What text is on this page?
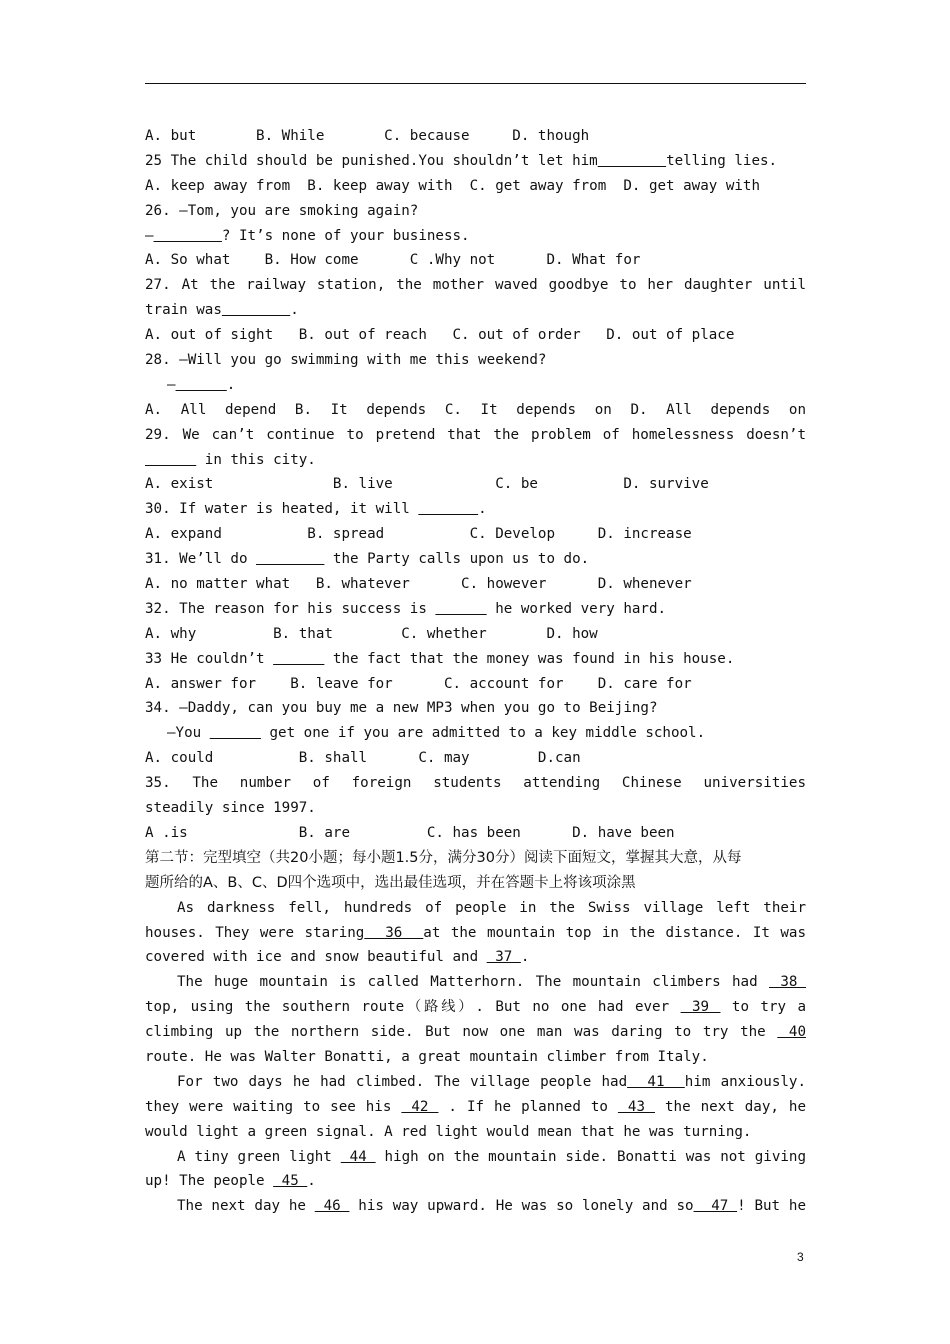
A. but       B. While       C. because     D. though
25 The child should be punished.You shouldn’t let him	telling lies.
A. keep away from  B. keep away with  C. get away from  D. get away with
26. —Tom, you are smoking again?
—	? It’s none of your business.
A. So what    B. How come      C .Why not      D. What for
27. At the railway station, the mother waved goodbye to her daughter until
train was	.
A. out of sight   B. out of reach   C. out of order   D. out of place
28. —Will you go swimming with me this weekend?
—	.
A. All depend B. It depends C. It depends on D. All depends on
29. We can’t continue to pretend that the problem of homelessness doesn’t
in this city.
A. exist              B. live            C. be          D. survive
30. If water is heated, it will	.
A. expand          B. spread          C. Develop     D. increase
31. We’ll do	the Party calls upon us to do.
A. no matter what   B. whatever      C. however      D. whenever
32. The reason for his success is	he worked very hard.
A. why         B. that        C. whether       D. how
33 He couldn’t	the fact that the money was found in his house.
A. answer for    B. leave for      C. account for    D. care for
34. —Daddy, can you buy me a new MP3 when you go to Beijing?
—You	get one if you are admitted to a key middle school.
A. could          B. shall      C. may        D.can
35. The number of foreign students attending Chinese universities
steadily since 1997.
A .is             B. are         C. has been      D. have been
第二节：完型填空（共20小题；每小题1.5分，满分30分）阅读下面短文，掌握其大意，从每
题所给的A、B、C、D四个选项中，选出最佳选项，并在答题卡上将该项涂黑
As darkness fell, hundreds of people in the Swiss village left their
houses. They were staring  36  at the mountain top in the distance. It was
covered with ice and snow beautiful and  37 .
The huge mountain is called Matterhorn. The mountain climbers had  38
top, using the southern route（路线）. But no one had ever  39  to try a
climbing up the northern side. But now one man was daring to try the  40
route. He was Walter Bonatti, a great mountain climber from Italy.
For two days he had climbed. The village people had  41  him anxiously.
they were waiting to see his  42  . If he planned to  43  the next day, he
would light a green signal. A red light would mean that he was turning.
A tiny green light  44  high on the mountain side. Bonatti was not giving
up! The people  45 .
The next day he  46  his way upward. He was so lonely and so  47 ! But he
3
